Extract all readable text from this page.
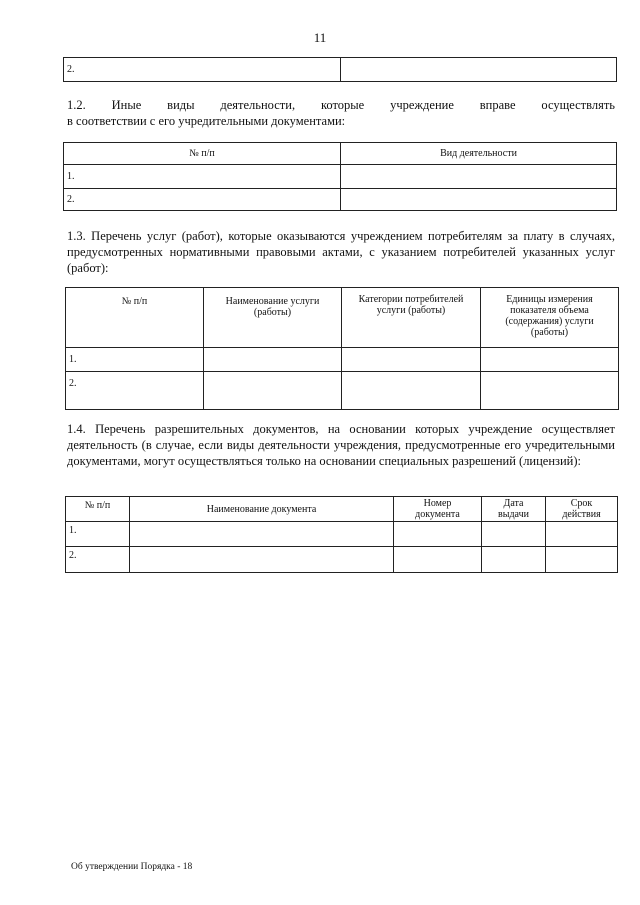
11
2.	

1.2.      Иные      виды      деятельности,      которые      учреждение      вправе      осуществлять

в соответствии с его учредительными документами:

№ п/п	Вид деятельности
1.	
2.	

1.3. Перечень услуг (работ), которые оказываются учреждением потребителям за плату в случаях, предусмотренных нормативными правовыми актами, с указанием потребителей указанных услуг (работ):

№ п/п	Наименование услуги (работы)	Категории потребителей услуги (работы)	Единицы измерения показателя объема (содержания) услуги (работы)
1.			
2.			

1.4. Перечень разрешительных документов, на основании которых учреждение осуществляет деятельность (в случае, если виды деятельности учреждения, предусмотренные его учредительными документами, могут осуществляться только на основании специальных разрешений (лицензий):

№ п/п	Наименование документа	Номер документа	Дата выдачи	Срок действия
1.				
2.				
Об утверждении Порядка - 18
